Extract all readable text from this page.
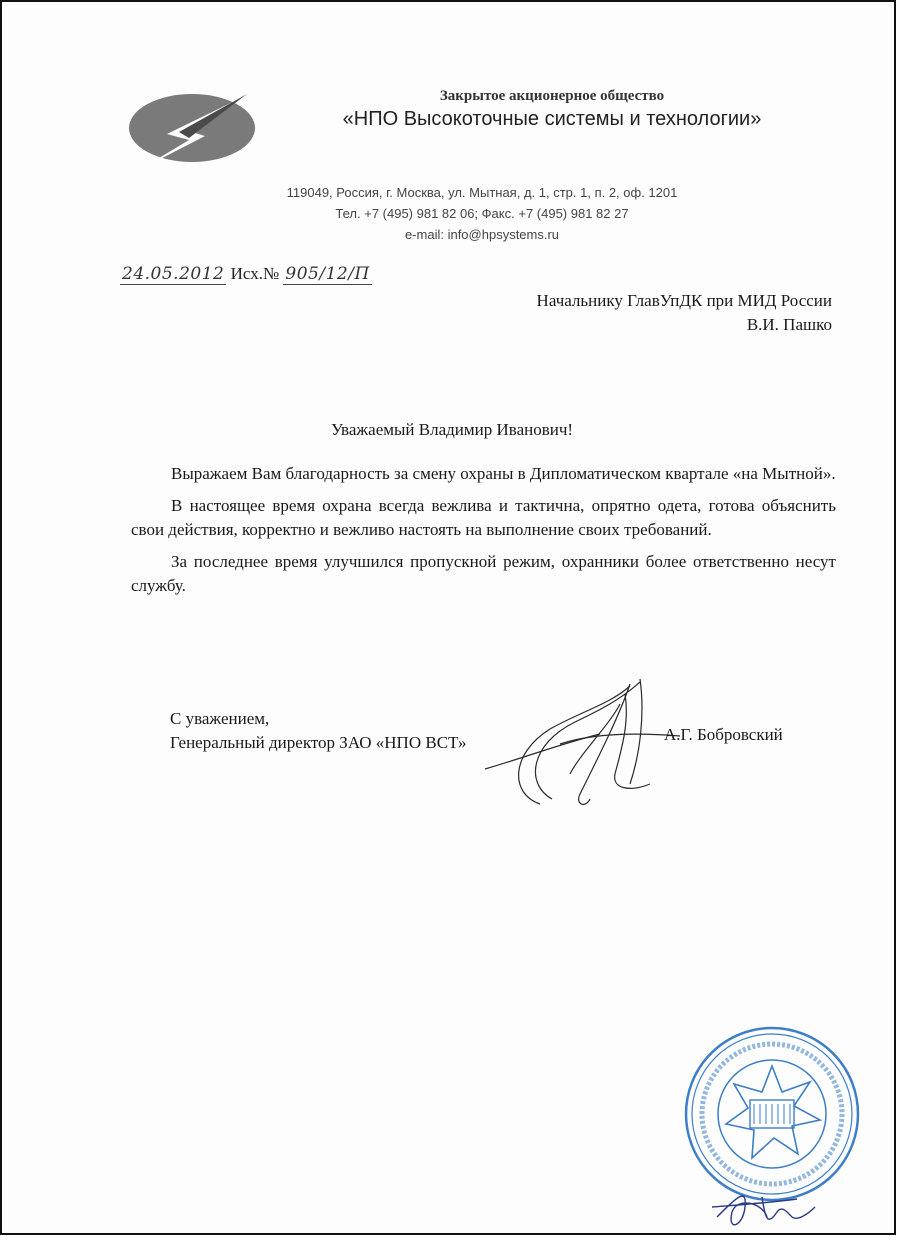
Закрытое акционерное общество
«НПО Высокоточные системы и технологии»
119049, Россия, г. Москва, ул. Мытная, д. 1, стр. 1, п. 2, оф. 1201
Тел. +7 (495) 981 82 06; Факс. +7 (495) 981 82 27
e-mail: info@hpsystems.ru
24.05.2012 Исх.№ 905/12/П
Начальнику ГлавУпДК при МИД России
В.И. Пашко
Уважаемый Владимир Иванович!

Выражаем Вам благодарность за смену охраны в Дипломатическом квартале «на Мытной».

В настоящее время охрана всегда вежлива и тактична, опрятно одета, готова объяснить свои действия, корректно и вежливо настоять на выполнение своих требований.

За последнее время улучшился пропускной режим, охранники более ответственно несут службу.

С уважением,
Генеральный директор ЗАО «НПО ВСТ»	А.Г. Бобровский
